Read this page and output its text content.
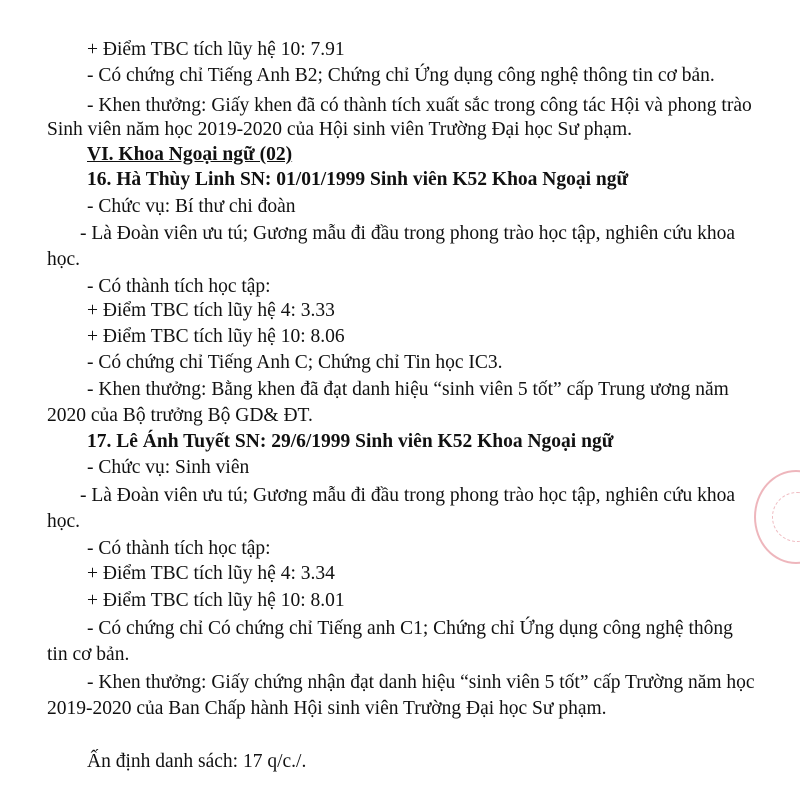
+ Điểm TBC tích lũy hệ 10: 7.91

- Có chứng chỉ Tiếng Anh B2; Chứng chỉ Ứng dụng công nghệ thông tin cơ bản.

- Khen thưởng: Giấy khen đã có thành tích xuất sắc trong công tác Hội và phong trào

Sinh viên năm học 2019-2020 của Hội sinh viên Trường Đại học Sư phạm.

VI. Khoa Ngoại ngữ (02)

16. Hà Thùy Linh SN: 01/01/1999 Sinh viên K52 Khoa Ngoại ngữ

- Chức vụ: Bí thư chi đoàn

- Là Đoàn viên ưu tú; Gương mẫu đi đầu trong phong trào học tập, nghiên cứu khoa

học.

- Có thành tích học tập:

+ Điểm TBC tích lũy hệ 4: 3.33

+ Điểm TBC tích lũy hệ 10: 8.06

- Có chứng chỉ Tiếng Anh C; Chứng chỉ Tin học IC3.

- Khen thưởng: Bằng khen đã đạt danh hiệu “sinh viên 5 tốt” cấp Trung ương năm

2020 của Bộ trưởng Bộ GD& ĐT.

17. Lê Ánh Tuyết SN: 29/6/1999 Sinh viên K52 Khoa Ngoại ngữ

- Chức vụ: Sinh viên

- Là Đoàn viên ưu tú; Gương mẫu đi đầu trong phong trào học tập, nghiên cứu khoa

học.

- Có thành tích học tập:

+ Điểm TBC tích lũy hệ 4: 3.34

+ Điểm TBC tích lũy hệ 10: 8.01

- Có chứng chỉ Có chứng chỉ Tiếng anh C1; Chứng chỉ Ứng dụng công nghệ thông

tin cơ bản.

- Khen thưởng: Giấy chứng nhận đạt danh hiệu “sinh viên 5 tốt” cấp Trường năm học

2019-2020 của Ban Chấp hành Hội sinh viên Trường Đại học Sư phạm.

Ấn định danh sách: 17 q/c./.
